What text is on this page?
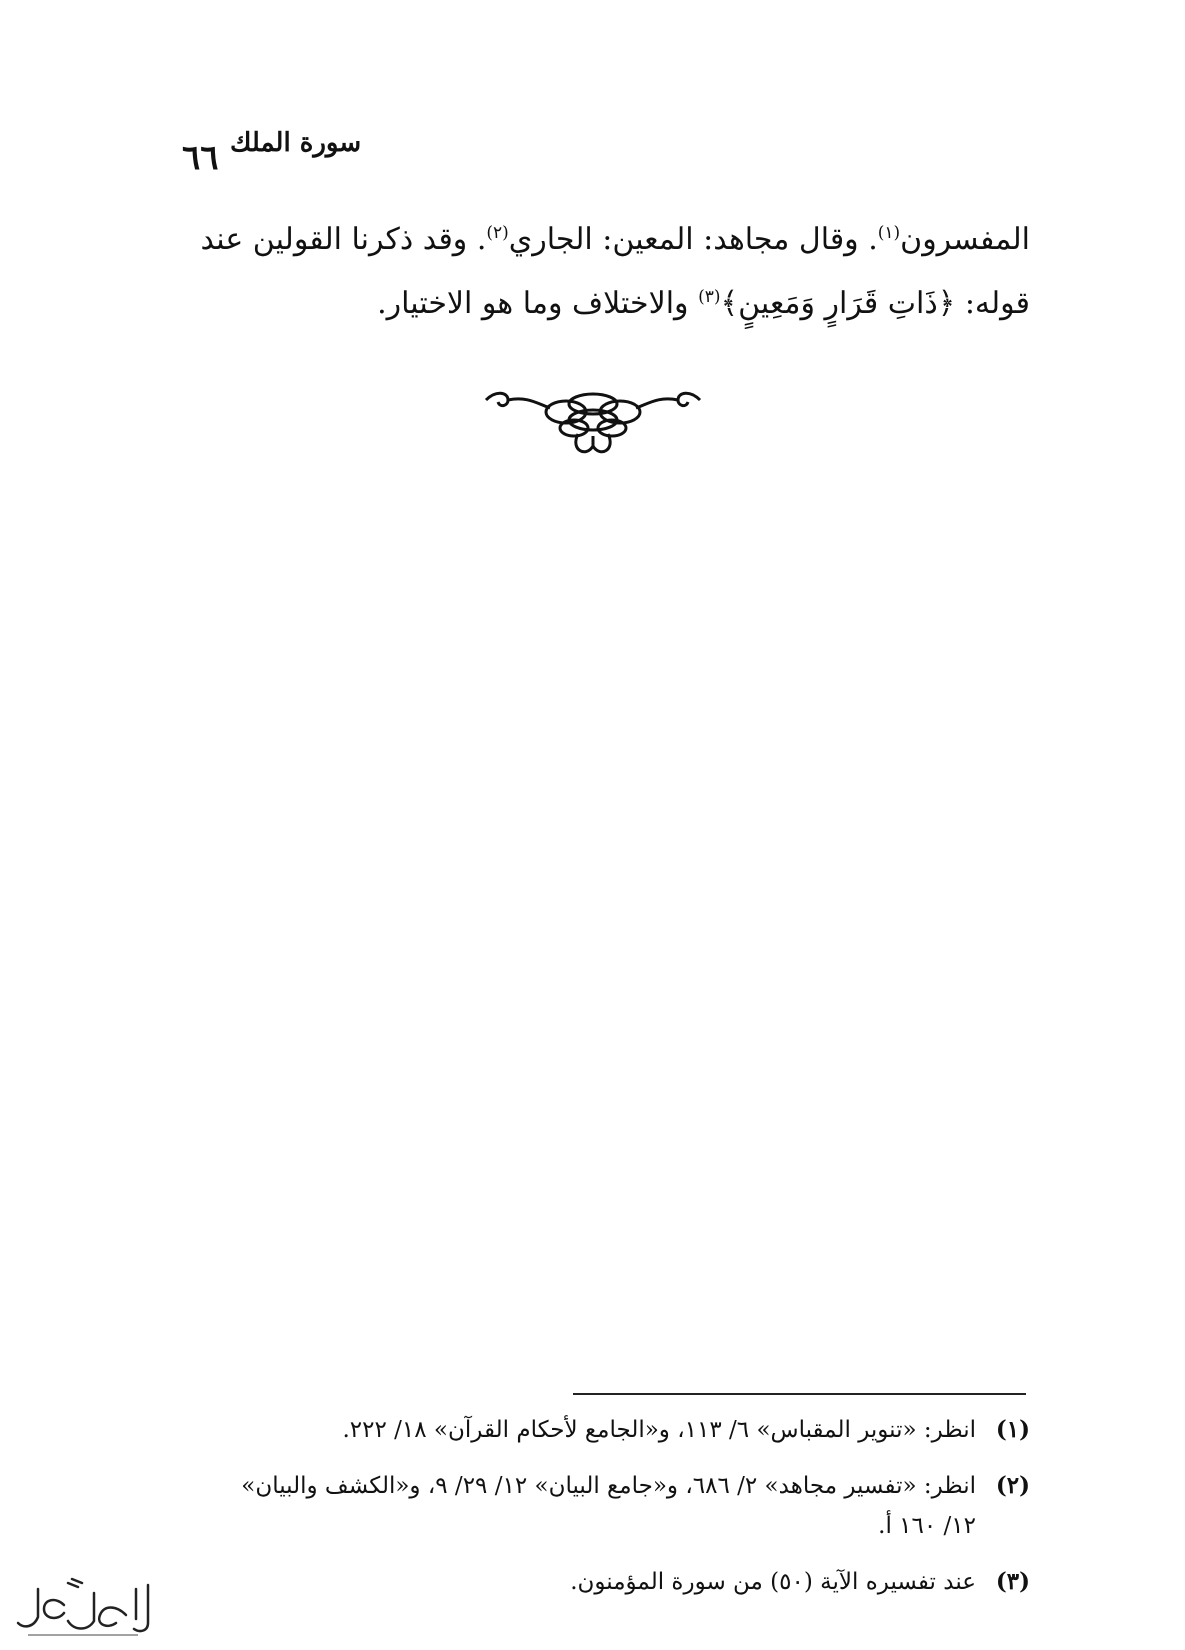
٦٦ سورة الملك

المفسرون$^{(١)}$. وقال مجاهد: المعين: الجاري$^{(٢)}$. وقد ذكرنا القولين عند

قوله: ﴿ذَاتِ قَرَارٍ وَمَعِينٍ﴾$^{(٣)}$ والاختلاف وما هو الاختيار.

(١)
انظر: «تنوير المقباس» ٦/ ١١٣، و«الجامع لأحكام القرآن» ١٨/ ٢٢٢.
(٢)
انظر: «تفسير مجاهد» ٢/ ٦٨٦، و«جامع البيان» ١٢/ ٢٩/ ٩، و«الكشف والبيان»
١٢/ ١٦٠ أ.
(٣)
عند تفسيره الآية (٥٠) من سورة المؤمنون.
